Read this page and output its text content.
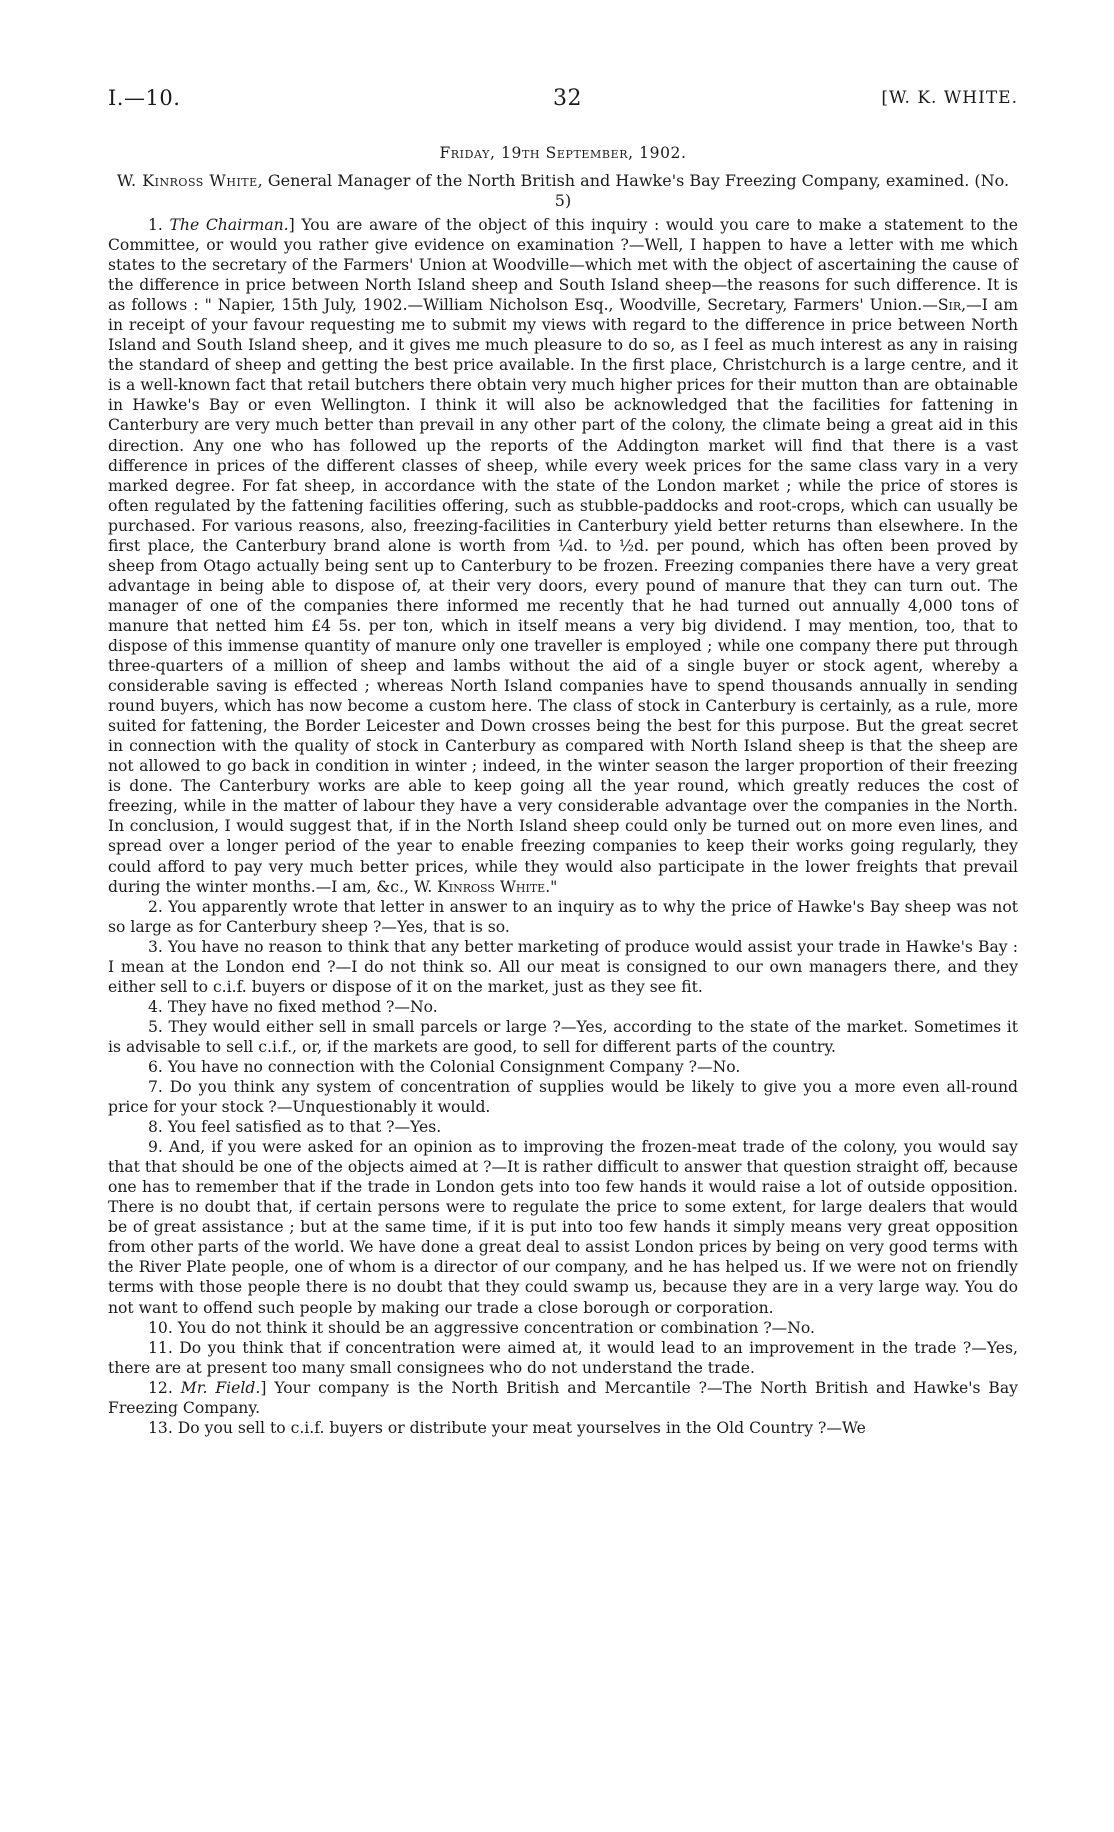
I.—10.	32	[W. K. WHITE.
Friday, 19th September, 1902.
W. Kinross White, General Manager of the North British and Hawke's Bay Freezing Company, examined. (No. 5)

1. The Chairman.] You are aware of the object of this inquiry : would you care to make a statement to the Committee, or would you rather give evidence on examination ?—Well, I happen to have a letter with me which states to the secretary of the Farmers' Union at Woodville—which met with the object of ascertaining the cause of the difference in price between North Island sheep and South Island sheep—the reasons for such difference. It is as follows : " Napier, 15th July, 1902.—William Nicholson Esq., Woodville, Secretary, Farmers' Union.—Sir,—I am in receipt of your favour requesting me to submit my views with regard to the difference in price between North Island and South Island sheep, and it gives me much pleasure to do so, as I feel as much interest as any in raising the standard of sheep and getting the best price available. In the first place, Christchurch is a large centre, and it is a well-known fact that retail butchers there obtain very much higher prices for their mutton than are obtainable in Hawke's Bay or even Wellington. I think it will also be acknowledged that the facilities for fattening in Canterbury are very much better than prevail in any other part of the colony, the climate being a great aid in this direction. Any one who has followed up the reports of the Addington market will find that there is a vast difference in prices of the different classes of sheep, while every week prices for the same class vary in a very marked degree. For fat sheep, in accordance with the state of the London market ; while the price of stores is often regulated by the fattening facilities offering, such as stubble-paddocks and root-crops, which can usually be purchased. For various reasons, also, freezing-facilities in Canterbury yield better returns than elsewhere. In the first place, the Canterbury brand alone is worth from ¼d. to ½d. per pound, which has often been proved by sheep from Otago actually being sent up to Canterbury to be frozen. Freezing companies there have a very great advantage in being able to dispose of, at their very doors, every pound of manure that they can turn out. The manager of one of the companies there informed me recently that he had turned out annually 4,000 tons of manure that netted him £4 5s. per ton, which in itself means a very big dividend. I may mention, too, that to dispose of this immense quantity of manure only one traveller is employed ; while one company there put through three-quarters of a million of sheep and lambs without the aid of a single buyer or stock agent, whereby a considerable saving is effected ; whereas North Island companies have to spend thousands annually in sending round buyers, which has now become a custom here. The class of stock in Canterbury is certainly, as a rule, more suited for fattening, the Border Leicester and Down crosses being the best for this purpose. But the great secret in connection with the quality of stock in Canterbury as compared with North Island sheep is that the sheep are not allowed to go back in condition in winter ; indeed, in the winter season the larger proportion of their freezing is done. The Canterbury works are able to keep going all the year round, which greatly reduces the cost of freezing, while in the matter of labour they have a very considerable advantage over the companies in the North. In conclusion, I would suggest that, if in the North Island sheep could only be turned out on more even lines, and spread over a longer period of the year to enable freezing companies to keep their works going regularly, they could afford to pay very much better prices, while they would also participate in the lower freights that prevail during the winter months.—I am, &c., W. Kinross White."

2. You apparently wrote that letter in answer to an inquiry as to why the price of Hawke's Bay sheep was not so large as for Canterbury sheep ?—Yes, that is so.

3. You have no reason to think that any better marketing of produce would assist your trade in Hawke's Bay : I mean at the London end ?—I do not think so. All our meat is consigned to our own managers there, and they either sell to c.i.f. buyers or dispose of it on the market, just as they see fit.

4. They have no fixed method ?—No.

5. They would either sell in small parcels or large ?—Yes, according to the state of the market. Sometimes it is advisable to sell c.i.f., or, if the markets are good, to sell for different parts of the country.

6. You have no connection with the Colonial Consignment Company ?—No.

7. Do you think any system of concentration of supplies would be likely to give you a more even all-round price for your stock ?—Unquestionably it would.

8. You feel satisfied as to that ?—Yes.

9. And, if you were asked for an opinion as to improving the frozen-meat trade of the colony, you would say that that should be one of the objects aimed at ?—It is rather difficult to answer that question straight off, because one has to remember that if the trade in London gets into too few hands it would raise a lot of outside opposition. There is no doubt that, if certain persons were to regulate the price to some extent, for large dealers that would be of great assistance ; but at the same time, if it is put into too few hands it simply means very great opposition from other parts of the world. We have done a great deal to assist London prices by being on very good terms with the River Plate people, one of whom is a director of our company, and he has helped us. If we were not on friendly terms with those people there is no doubt that they could swamp us, because they are in a very large way. You do not want to offend such people by making our trade a close borough or corporation.

10. You do not think it should be an aggressive concentration or combination ?—No.

11. Do you think that if concentration were aimed at, it would lead to an improvement in the trade ?—Yes, there are at present too many small consignees who do not understand the trade.

12. Mr. Field.] Your company is the North British and Mercantile ?—The North British and Hawke's Bay Freezing Company.

13. Do you sell to c.i.f. buyers or distribute your meat yourselves in the Old Country ?—We
